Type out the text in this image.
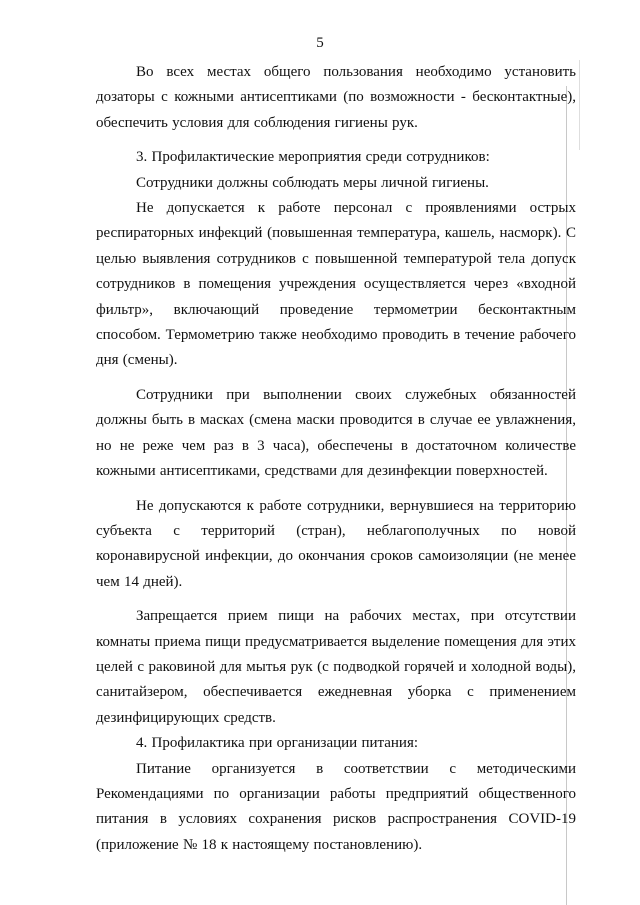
5

Во всех местах общего пользования необходимо установить дозаторы с кожными антисептиками (по возможности - бесконтактные), обеспечить условия для соблюдения гигиены рук.

3. Профилактические мероприятия среди сотрудников:

Сотрудники должны соблюдать меры личной гигиены.

Не допускается к работе персонал с проявлениями острых респираторных инфекций (повышенная температура, кашель, насморк). С целью выявления сотрудников с повышенной температурой тела допуск сотрудников в помещения учреждения осуществляется через «входной фильтр», включающий проведение термометрии бесконтактным способом. Термометрию также необходимо проводить в течение рабочего дня (смены).

Сотрудники при выполнении своих служебных обязанностей должны быть в масках (смена маски проводится в случае ее увлажнения, но не реже чем раз в 3 часа), обеспечены в достаточном количестве кожными антисептиками, средствами для дезинфекции поверхностей.

Не допускаются к работе сотрудники, вернувшиеся на территорию субъекта с территорий (стран), неблагополучных по новой коронавирусной инфекции, до окончания сроков самоизоляции (не менее чем 14 дней).

Запрещается прием пищи на рабочих местах, при отсутствии комнаты приема пищи предусматривается выделение помещения для этих целей с раковиной для мытья рук (с подводкой горячей и холодной воды), санитайзером, обеспечивается ежедневная уборка с применением дезинфицирующих средств.

4. Профилактика при организации питания:

Питание организуется в соответствии с методическими Рекомендациями по организации работы предприятий общественного питания в условиях сохранения рисков распространения COVID-19 (приложение № 18 к настоящему постановлению).
